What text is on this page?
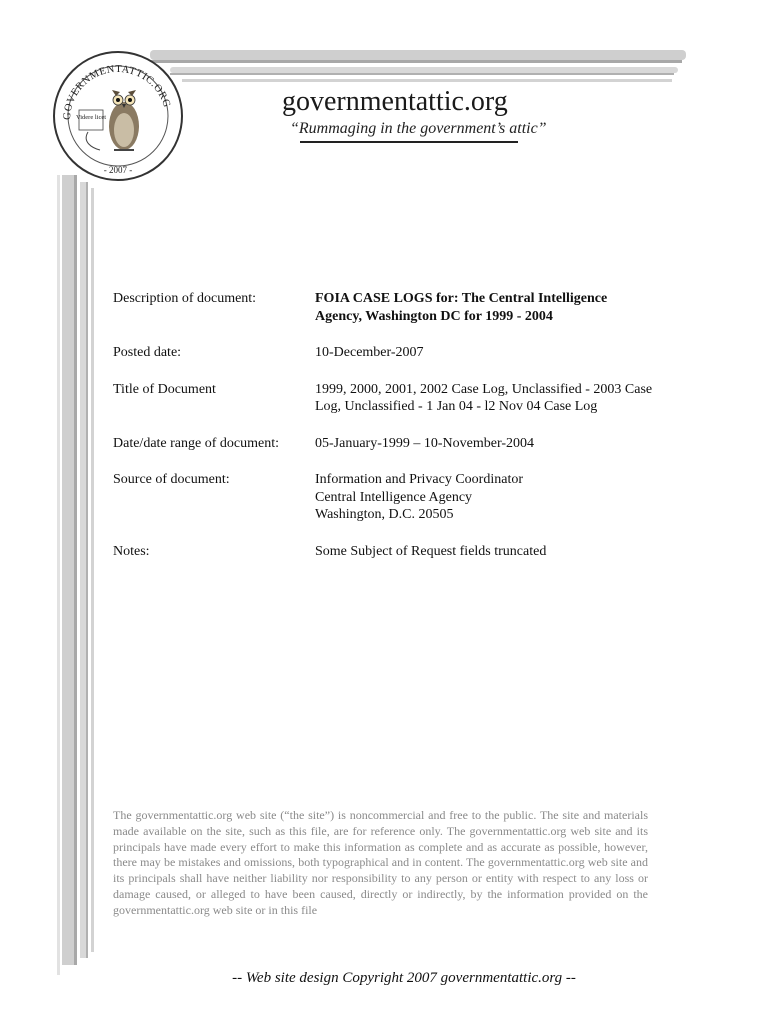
GOVERNMENTATTIC.ORG
Videre licet
- 2007 -
governmentattic.org
“Rummaging in the government’s attic”
Description of document:	FOIA CASE LOGS for: The Central Intelligence Agency, Washington DC for 1999 - 2004
Posted date:	10-December-2007
Title of Document	1999, 2000, 2001, 2002 Case Log, Unclassified - 2003 Case Log, Unclassified - 1 Jan 04 - l2 Nov 04 Case Log
Date/date range of document:	05-January-1999 – 10-November-2004
Source of document:	Information and Privacy Coordinator
Central Intelligence Agency
Washington, D.C. 20505
Notes:	Some Subject of Request fields truncated
The governmentattic.org web site (“the site”) is noncommercial and free to the public. The site and materials made available on the site, such as this file, are for reference only. The governmentattic.org web site and its principals have made every effort to make this information as complete and as accurate as possible, however, there may be mistakes and omissions, both typographical and in content. The governmentattic.org web site and its principals shall have neither liability nor responsibility to any person or entity with respect to any loss or damage caused, or alleged to have been caused, directly or indirectly, by the information provided on the governmentattic.org web site or in this file
-- Web site design Copyright 2007 governmentattic.org --
